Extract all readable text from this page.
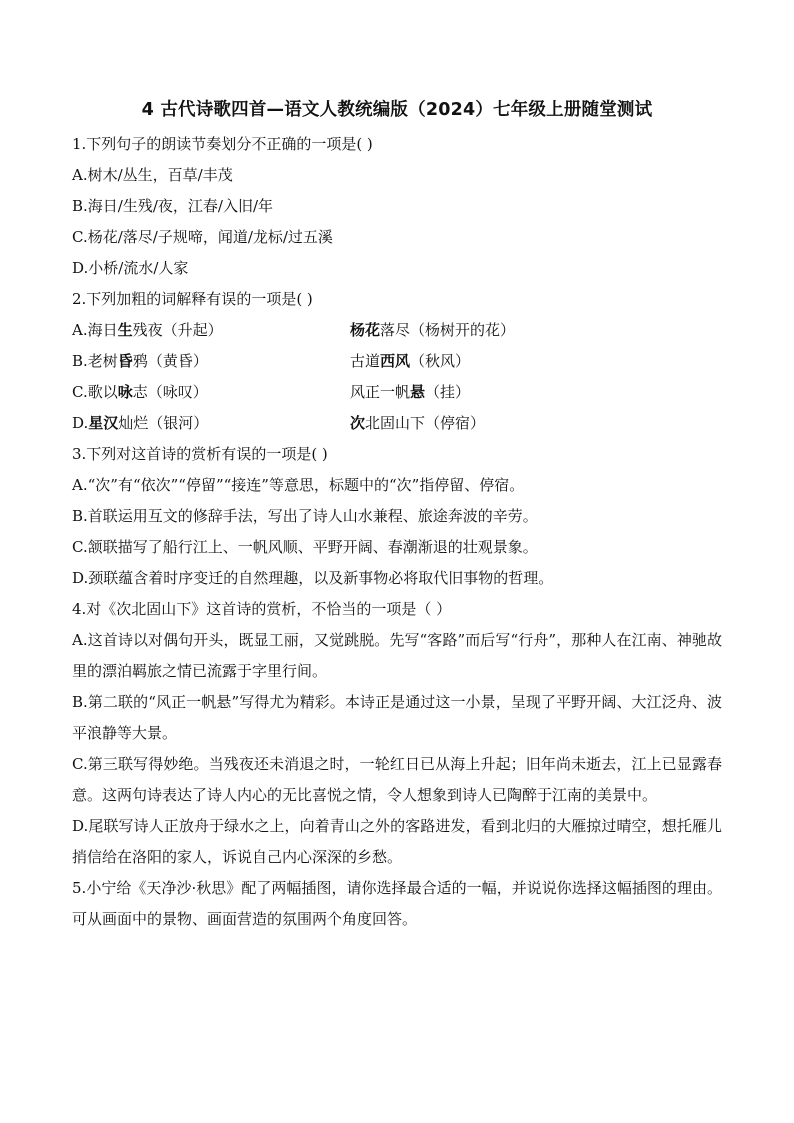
4 古代诗歌四首—语文人教统编版（2024）七年级上册随堂测试
1.下列句子的朗读节奏划分不正确的一项是( )
A.树木/丛生，百草/丰茂
B.海日/生残/夜，江春/入旧/年
C.杨花/落尽/子规啼，闻道/龙标/过五溪
D.小桥/流水/人家
2.下列加粗的词解释有误的一项是( )
A.海日生残夜（升起）	杨花落尽（杨树开的花）
B.老树昏鸦（黄昏）	古道西风（秋风）
C.歌以咏志（咏叹）	风正一帆悬（挂）
D.星汉灿烂（银河）	次北固山下（停宿）
3.下列对这首诗的赏析有误的一项是( )
A.“次”有“依次”“停留”“接连”等意思，标题中的“次”指停留、停宿。
B.首联运用互文的修辞手法，写出了诗人山水兼程、旅途奔波的辛劳。
C.颔联描写了船行江上、一帆风顺、平野开阔、春潮渐退的壮观景象。
D.颈联蕴含着时序变迁的自然理趣，以及新事物必将取代旧事物的哲理。
4.对《次北固山下》这首诗的赏析，不恰当的一项是（ ）
A.这首诗以对偶句开头，既显工丽，又觉跳脱。先写“客路”而后写“行舟”，那种人在江南、神驰故里的漂泊羁旅之情已流露于字里行间。
B.第二联的“风正一帆悬”写得尤为精彩。本诗正是通过这一小景，呈现了平野开阔、大江泛舟、波平浪静等大景。
C.第三联写得妙绝。当残夜还未消退之时，一轮红日已从海上升起；旧年尚未逝去，江上已显露春意。这两句诗表达了诗人内心的无比喜悦之情，令人想象到诗人已陶醉于江南的美景中。
D.尾联写诗人正放舟于绿水之上，向着青山之外的客路进发，看到北归的大雁掠过晴空，想托雁儿捎信给在洛阳的家人，诉说自己内心深深的乡愁。
5.小宁给《天净沙·秋思》配了两幅插图，请你选择最合适的一幅，并说说你选择这幅插图的理由。可从画面中的景物、画面营造的氛围两个角度回答。
